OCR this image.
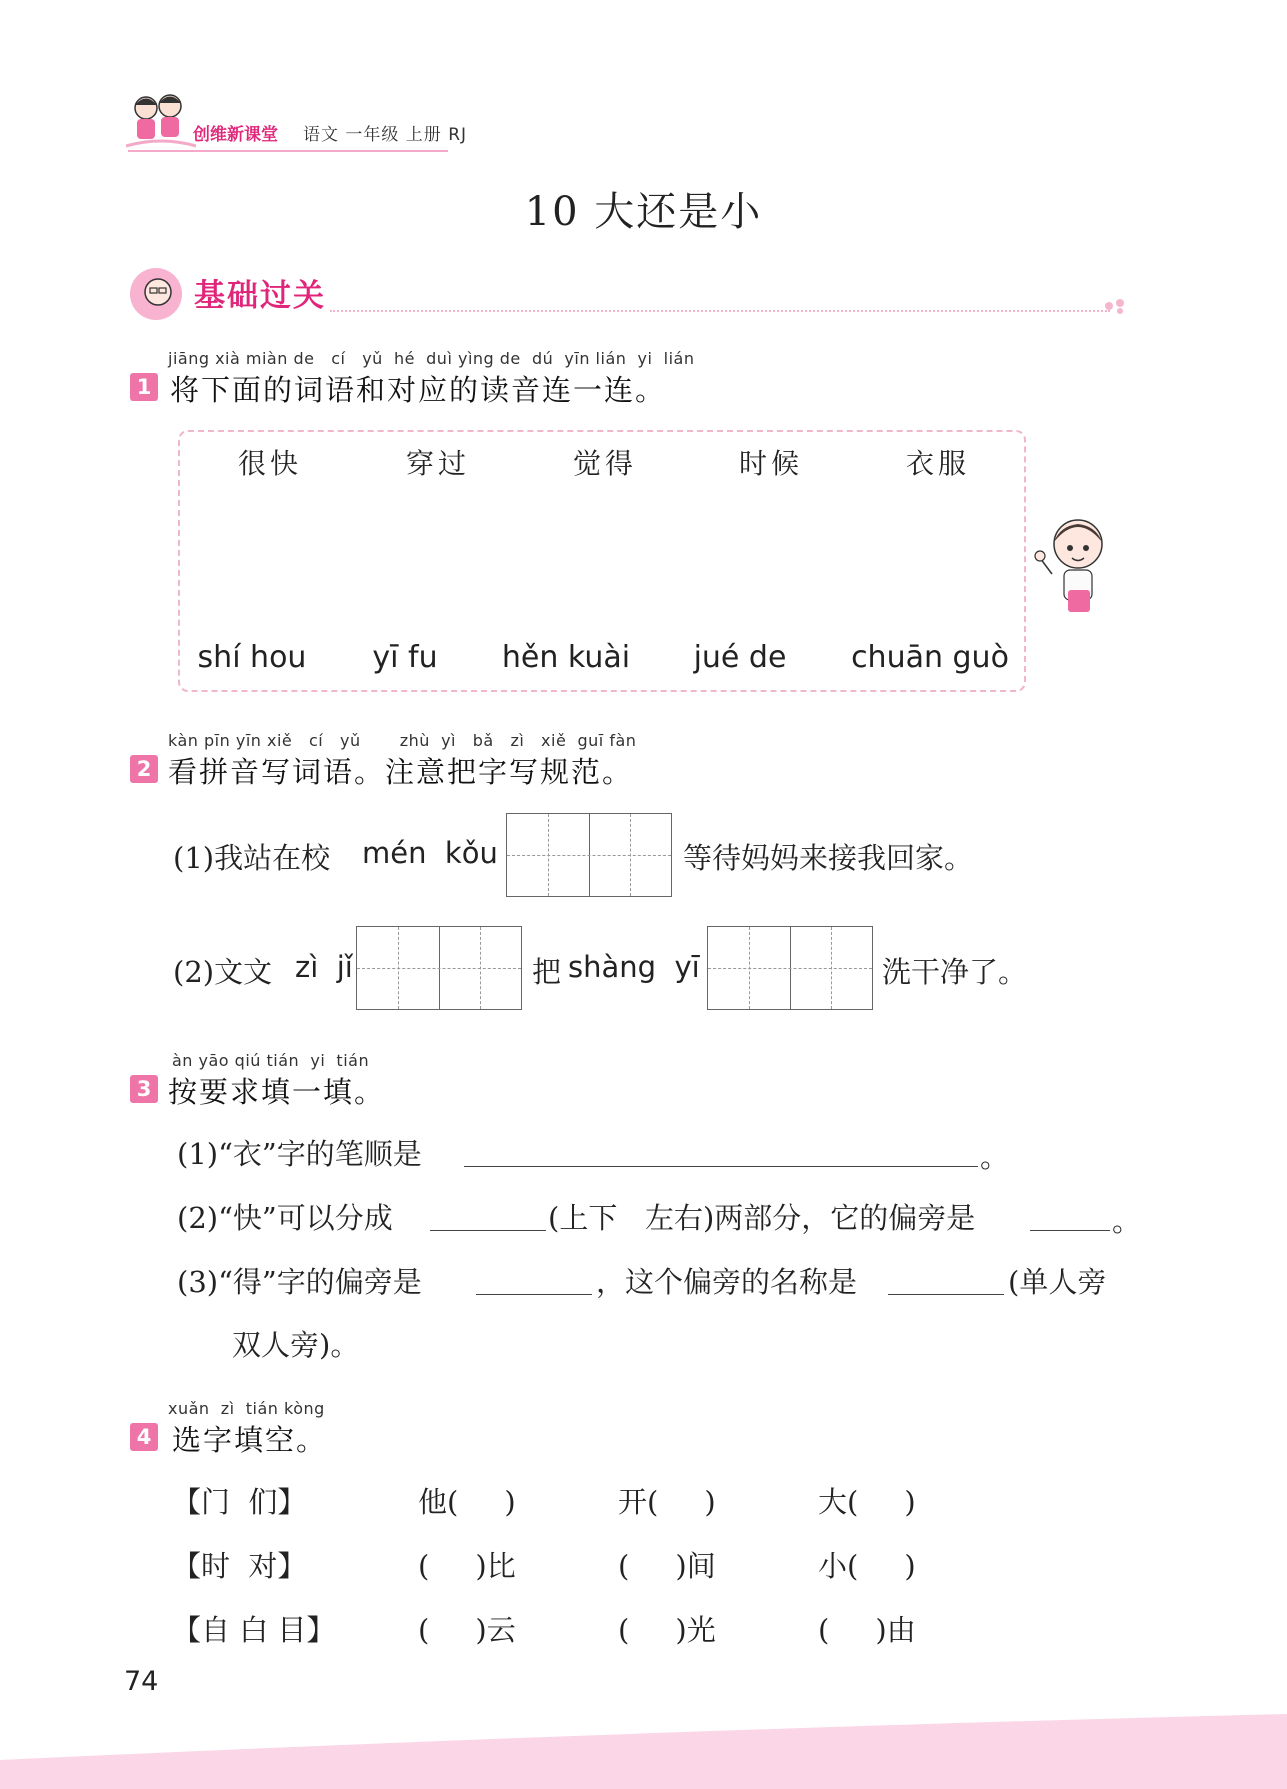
创维新课堂 语文 一年级 上册 RJ
10 大还是小
基础过关
jiāng xià miàn de   cí   yǔ  hé  duì yìng de  dú  yīn lián  yi  lián
1 将下面的词语和对应的读音连一连。
很快	穿过	觉得	时候	衣服
shí hou	yī fu	hěn kuài	jué de	chuān guò
kàn pīn yīn xiě   cí   yǔ       zhù  yì   bǎ   zì   xiě  guī fàn
2 看拼音写词语。注意把字写规范。
(1)我站在校 mén  kǒu	等待妈妈来接我回家。
(2)文文 zì  jǐ	把 shàng  yī	洗干净了。
àn yāo qiú tián  yi  tián
3 按要求填一填。
(1)“衣”字的笔顺是	。
(2)“快”可以分成	(上下   左右)两部分，它的偏旁是	。
(3)“得”字的偏旁是	，这个偏旁的名称是	(单人旁
双人旁)。
xuǎn  zì  tián kòng
4 选字填空。
【门  们】	他(     )	开(     )	大(     )
【时  对】	(     )比	(     )间	小(     )
【自 白 目】	(     )云	(     )光	(     )由
74
